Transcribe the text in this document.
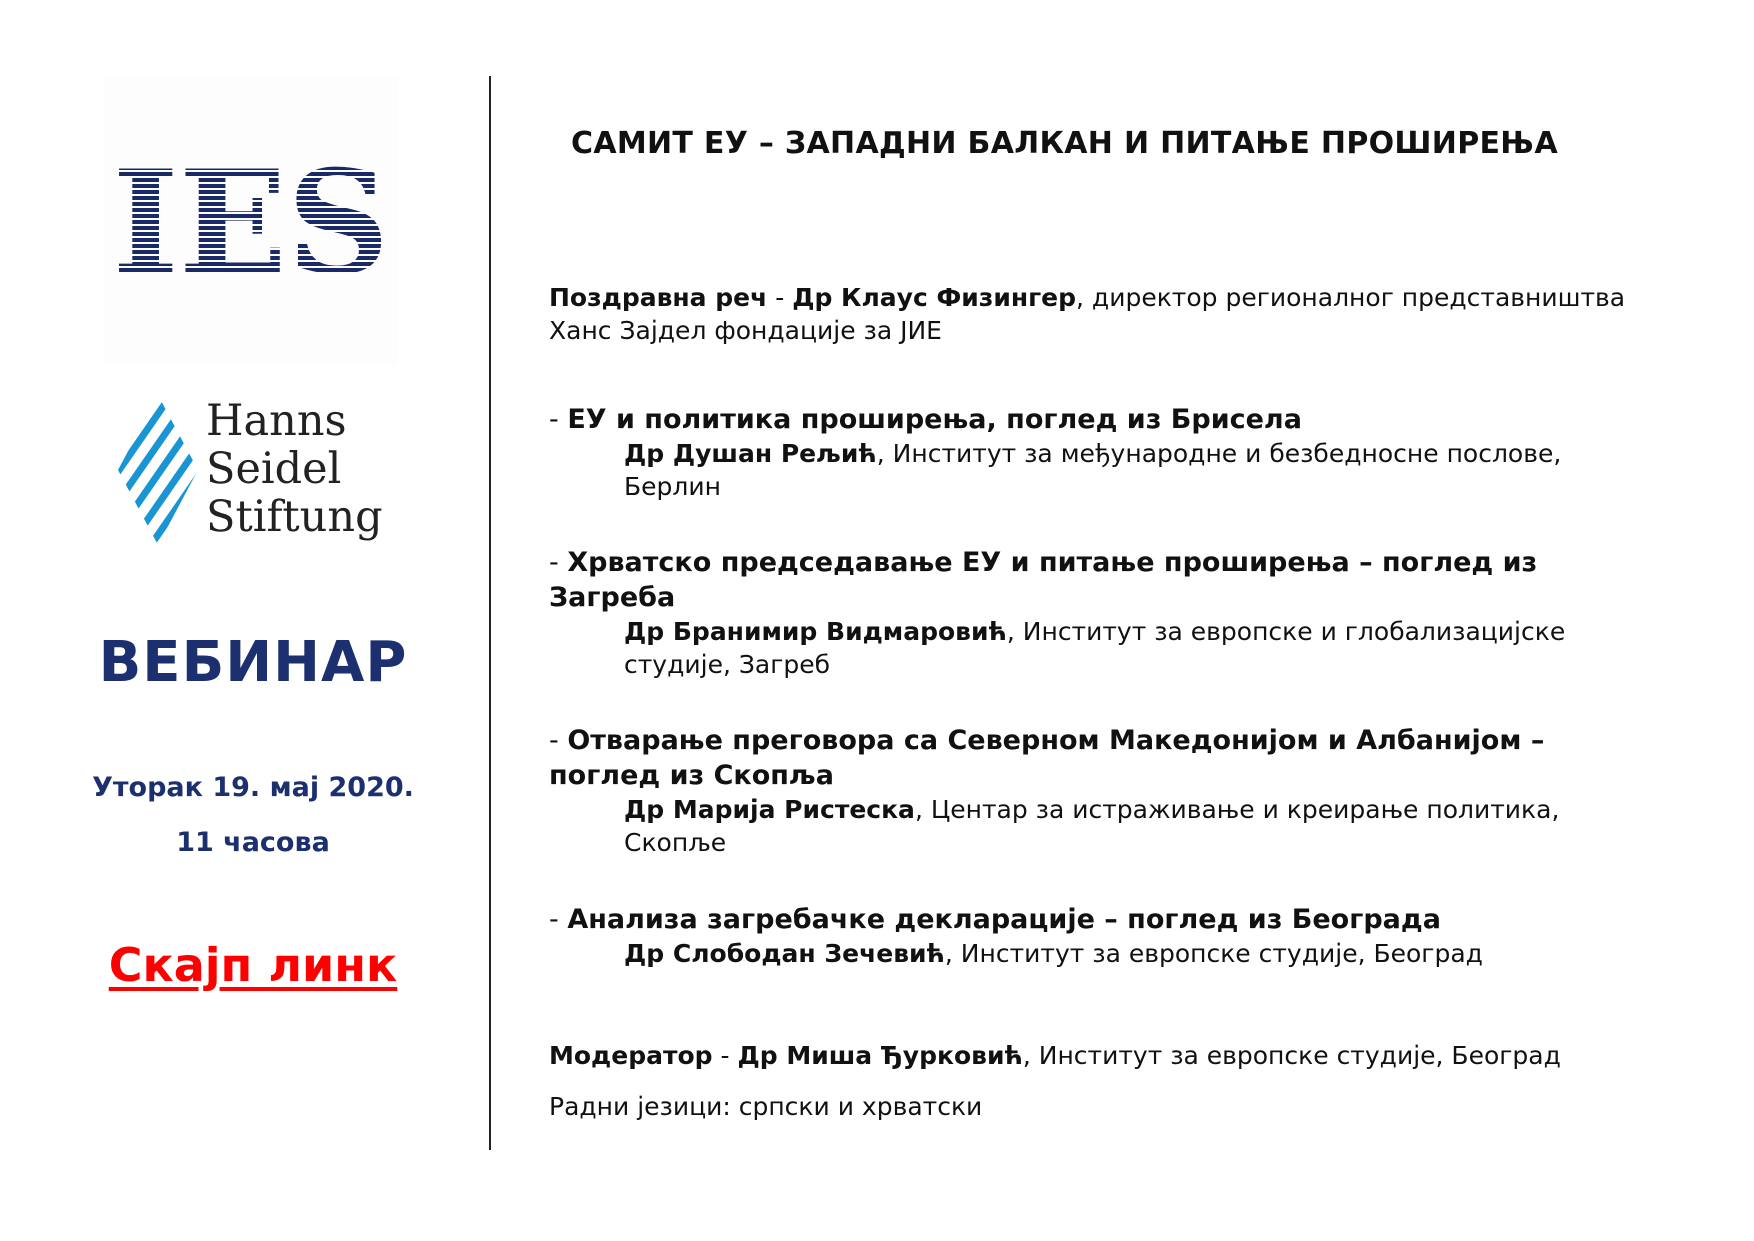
IES
Hanns
Seidel
Stiftung
ВЕБИНАР
Уторак 19. мај 2020.
11 часова
Скајп линк
САМИТ ЕУ – ЗАПАДНИ БАЛКАН И ПИТАЊЕ ПРОШИРЕЊА
Поздравна реч - Др Клаус Физингер, директор регионалног представништва Ханс Зајдел фондације за ЈИЕ
- ЕУ и политика проширења, поглед из Брисела
Др Душан Рељић, Институт за међународне и безбедносне послове, Берлин
- Хрватско председавање ЕУ и питање проширења – поглед из Загреба
Др Бранимир Видмаровић, Институт за европске и глобализацијске студије, Загреб
- Отварање преговора са Северном Македонијом и Албанијом – поглед из Скопља
Др Марија Ристеска, Центар за истраживање и креирање политика, Скопље
- Анализа загребачке декларације – поглед из Београда
Др Слободан Зечевић, Институт за европске студије, Београд
Модератор - Др Миша Ђурковић, Институт за европске студије, Београд
Радни језици: српски и хрватски
